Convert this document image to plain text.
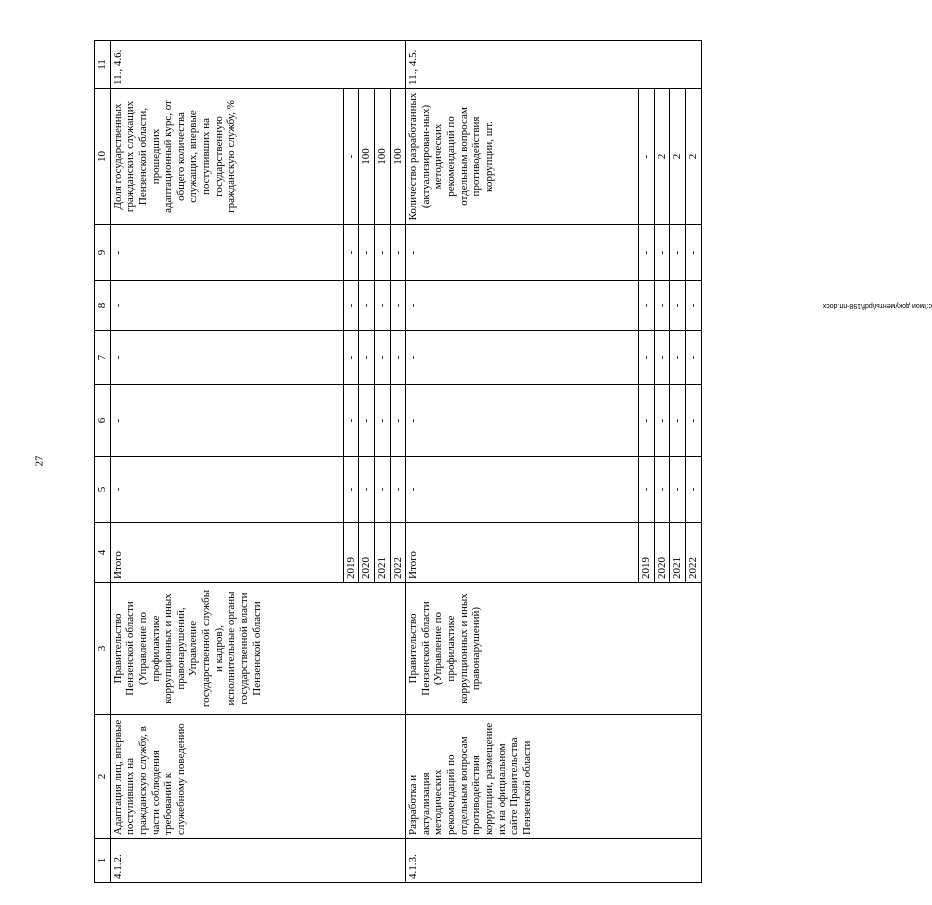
27
1	2	3	4	5	6	7	8	9	10	11
4.1.2.	Адаптация лиц, впервые поступивших на гражданскую службу, в части соблюдения требований к служебному поведению	Правительство Пензенской области (Управление по профилактике коррупционных и иных правонарушений, Управление государственной службы и кадров), исполнительные органы государственной власти Пензенской области	Итого	-	-	-	-	-	Доля государственных гражданских служащих Пензенской области, прошедших адаптационный курс, от общего количества служащих, впервые поступивших на государственную гражданскую службу, %	11., 4.6.
			2019	-	-	-	-	-	-	
			2020	-	-	-	-	-	100	
			2021	-	-	-	-	-	100	
			2022	-	-	-	-	-	100	
4.1.3.	Разработка и актуализация методических рекомендаций по отдельным вопросам противодействия коррупции, размещение их на официальном сайте Правительства Пензенской области	Правительство Пензенской области (Управление по профилактике коррупционных и иных правонарушений)	Итого	-	-	-	-	-	Количество разработанных (актуализирован-ных) методических рекомендаций по отдельным вопросам противодействия коррупции, шт.	11., 4.5.
			2019	-	-	-	-	-	-	
			2020	-	-	-	-	-	2	
			2021	-	-	-	-	-	2	
			2022	-	-	-	-	-	2	
c:\мои документы\pdf\198-пп.docx
